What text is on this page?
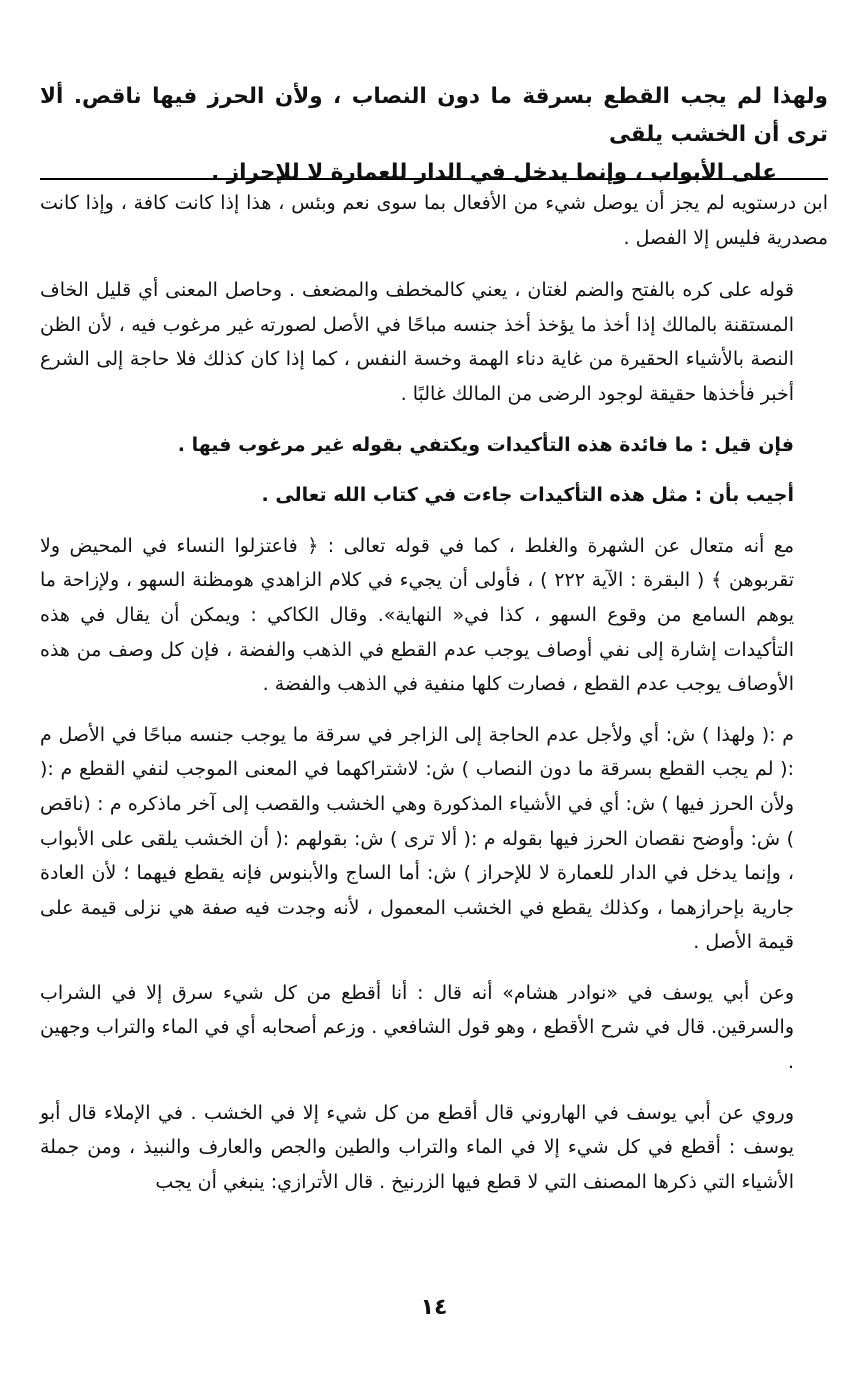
ولهذا لم يجب القطع بسرقة ما دون النصاب ، ولأن الحرز فيها ناقص. ألا ترى أن الخشب يلقى
على الأبواب ، وإنما يدخل في الدار للعمارة لا للإحراز .

ابن درستويه لم يجز أن يوصل شيء من الأفعال بما سوى نعم وبئس ، هذا إذا كانت كافة ، وإذا كانت مصدرية فليس إلا الفصل .

قوله على كره بالفتح والضم لغتان ، يعني كالمخطف والمضعف . وحاصل المعنى أي قليل الخاف المستقنة بالمالك إذا أخذ ما يؤخذ أخذ جنسه مباحًا في الأصل لصورته غير مرغوب فيه ، لأن الظن النصة بالأشياء الحقيرة من غاية دناء الهمة وخسة النفس ، كما إذا كان كذلك فلا حاجة إلى الشرع أخبر فأخذها حقيقة لوجود الرضى من المالك غالبًا .

فإن قيل : ما فائدة هذه التأكيدات ويكتفي بقوله غير مرغوب فيها .

أجيب بأن : مثل هذه التأكيدات جاءت في كتاب الله تعالى .

مع أنه متعال عن الشهرة والغلط ، كما في قوله تعالى : ﴿ فاعتزلوا النساء في المحيض ولا تقربوهن ﴾ ( البقرة : الآية ٢٢٢ ) ، فأولى أن يجيء في كلام الزاهدي هومظنة السهو ، ولإزاحة ما يوهم السامع من وقوع السهو ، كذا في« النهاية». وقال الكاكي : ويمكن أن يقال في هذه التأكيدات إشارة إلى نفي أوصاف يوجب عدم القطع في الذهب والفضة ، فإن كل وصف من هذه الأوصاف يوجب عدم القطع ، فصارت كلها منفية في الذهب والفضة .

م :( ولهذا ) ش: أي ولأجل عدم الحاجة إلى الزاجر في سرقة ما يوجب جنسه مباحًا في الأصل م :( لم يجب القطع بسرقة ما دون النصاب ) ش: لاشتراكهما في المعنى الموجب لنفي القطع م :( ولأن الحرز فيها ) ش: أي في الأشياء المذكورة وهي الخشب والقصب إلى آخر ماذكره م : (ناقص ) ش: وأوضح نقصان الحرز فيها بقوله م :( ألا ترى ) ش: بقولهم :( أن الخشب يلقى على الأبواب ، وإنما يدخل في الدار للعمارة لا للإحراز ) ش: أما الساج والأبنوس فإنه يقطع فيهما ؛ لأن العادة جارية بإحرازهما ، وكذلك يقطع في الخشب المعمول ، لأنه وجدت فيه صفة هي نزلى قيمة على قيمة الأصل .

وعن أبي يوسف في «نوادر هشام» أنه قال : أنا أقطع من كل شيء سرق إلا في الشراب والسرقين. قال في شرح الأقطع ، وهو قول الشافعي . وزعم أصحابه أي في الماء والتراب وجهين .

وروي عن أبي يوسف في الهاروني قال أقطع من كل شيء إلا في الخشب . في الإملاء قال أبو يوسف : أقطع في كل شيء إلا في الماء والتراب والطين والجص والعارف والنبيذ ، ومن جملة الأشياء التي ذكرها المصنف التي لا قطع فيها الزرنيخ . قال الأترازي: ينبغي أن يجب

١٤
